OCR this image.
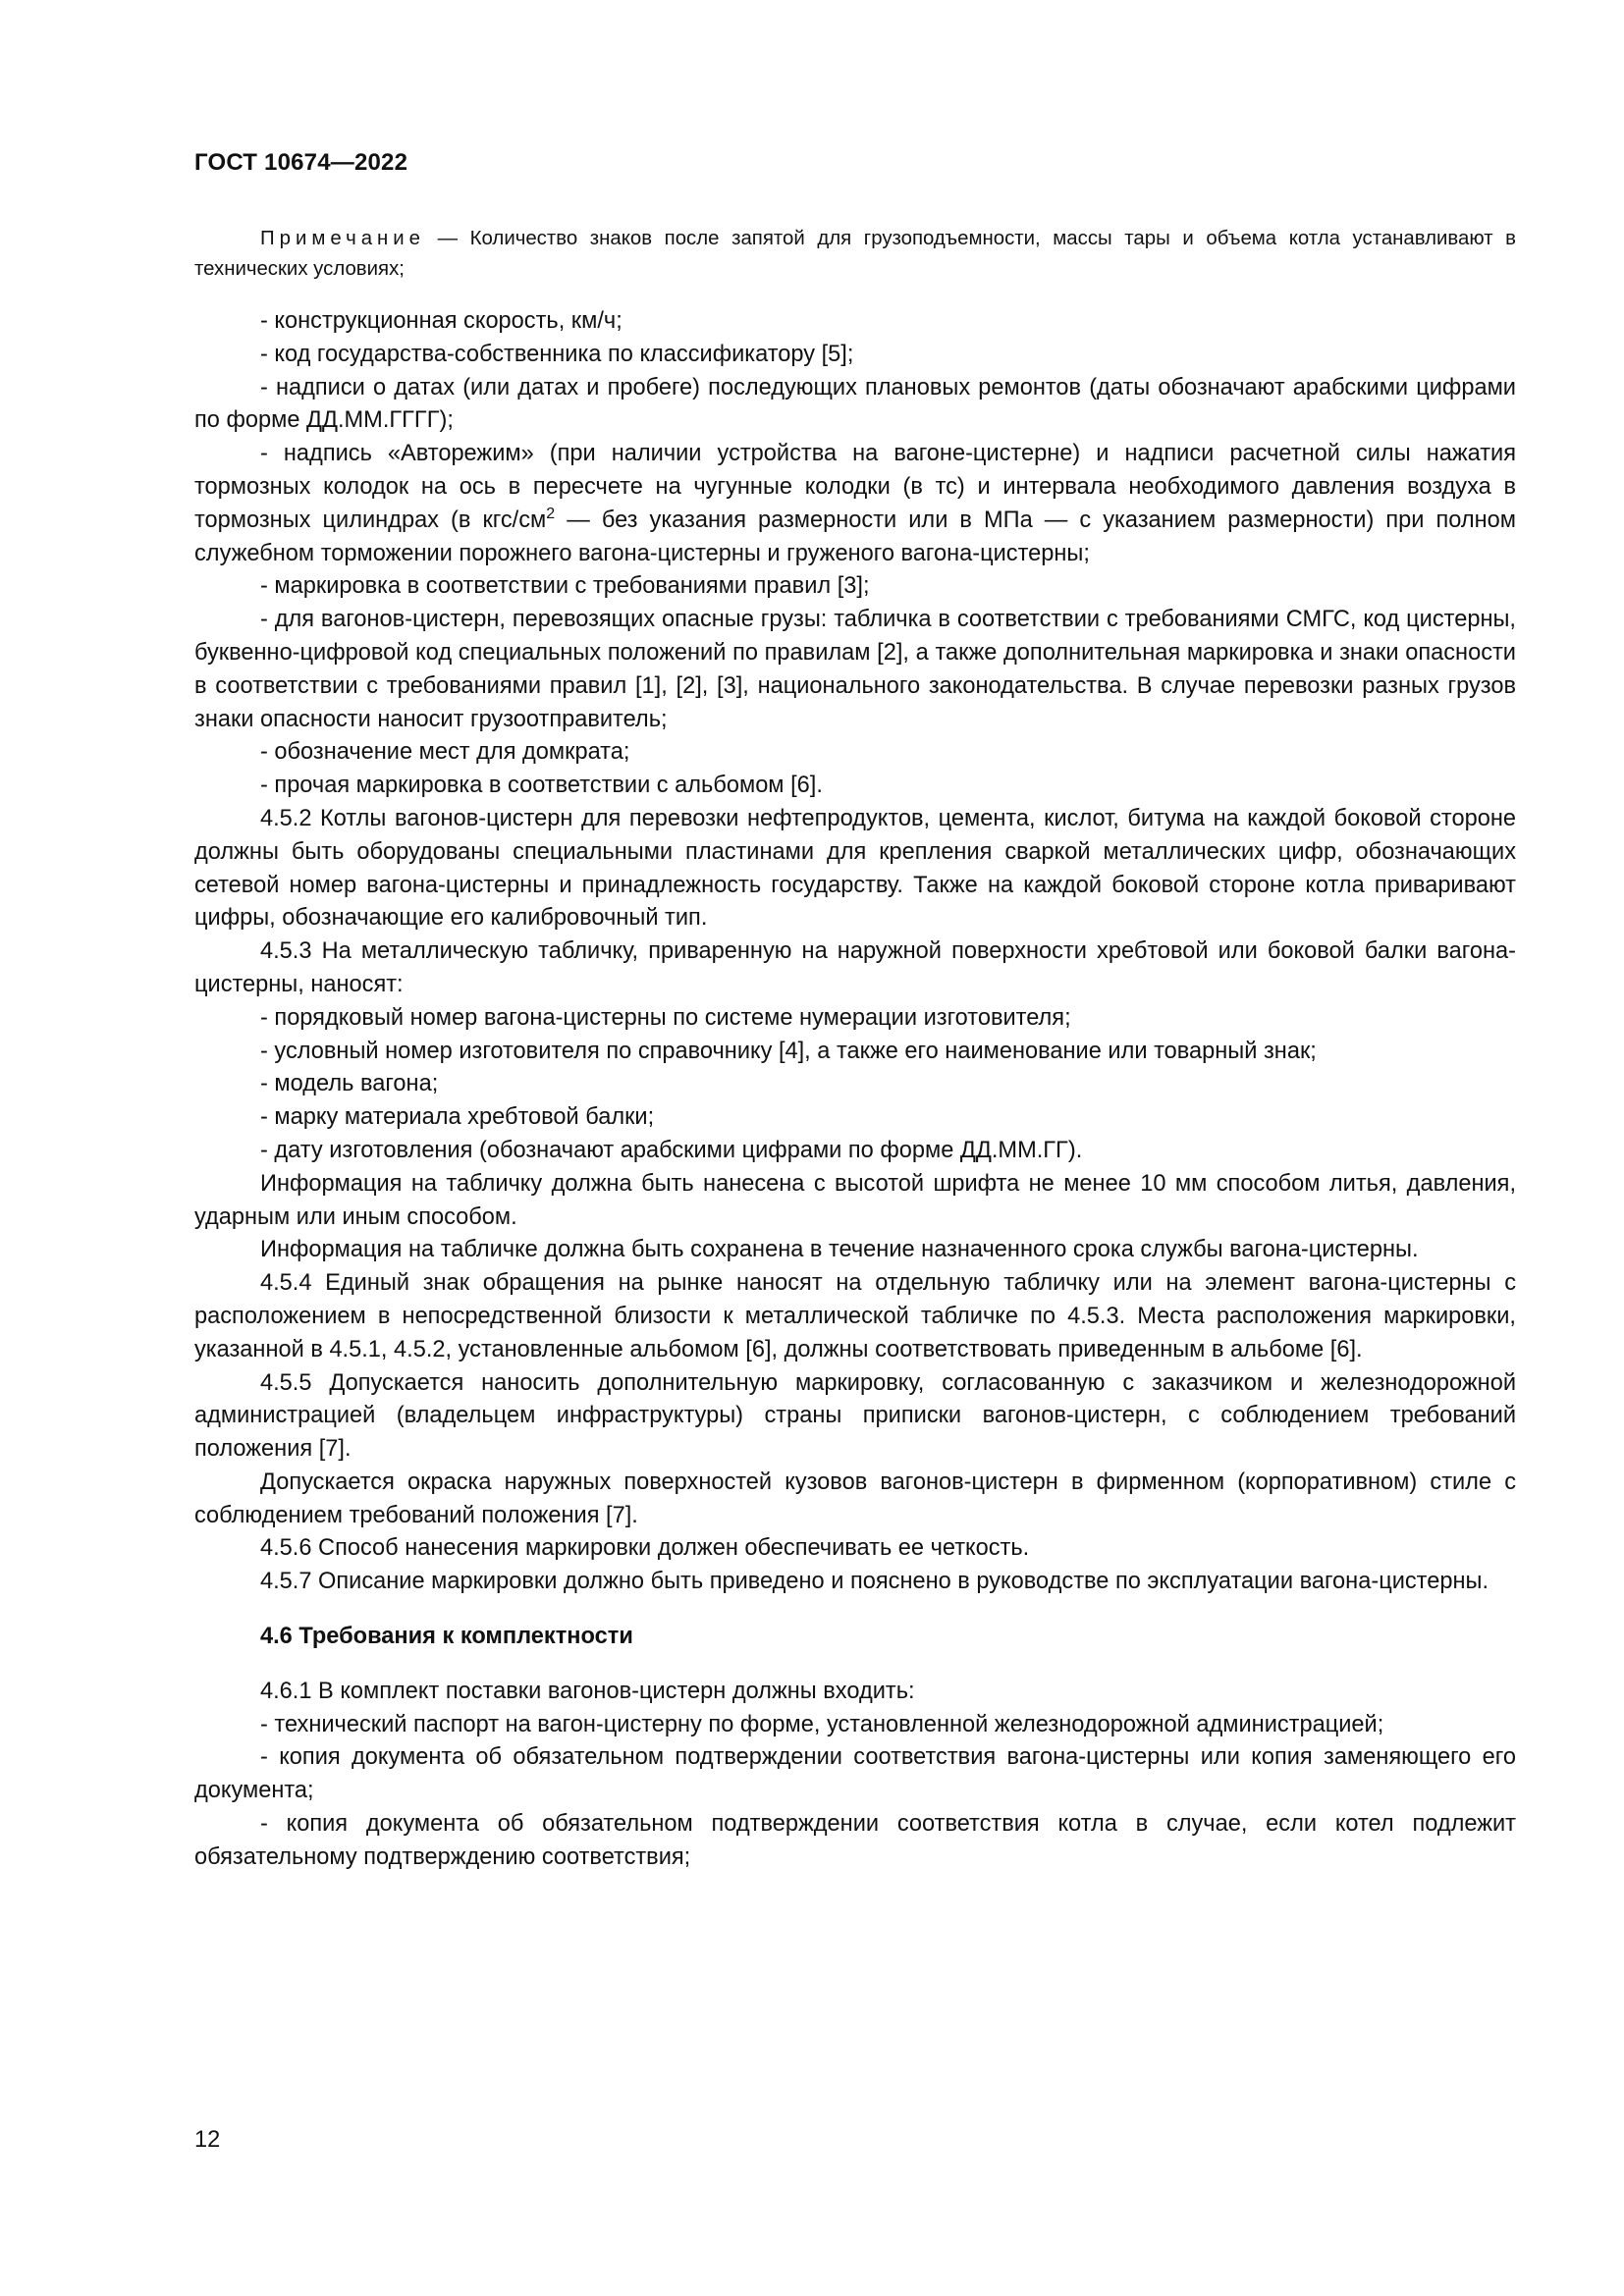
ГОСТ 10674—2022

Примечание — Количество знаков после запятой для грузоподъемности, массы тары и объема котла устанавливают в технических условиях;

- конструкционная скорость, км/ч;

- код государства-собственника по классификатору [5];

- надписи о датах (или датах и пробеге) последующих плановых ремонтов (даты обозначают арабскими цифрами по форме ДД.ММ.ГГГГ);

- надпись «Авторежим» (при наличии устройства на вагоне-цистерне) и надписи расчетной силы нажатия тормозных колодок на ось в пересчете на чугунные колодки (в тс) и интервала необходимого давления воздуха в тормозных цилиндрах (в кгс/$см^2$ — без указания размерности или в МПа — с указанием размерности) при полном служебном торможении порожнего вагона-цистерны и груженого вагона-цистерны;

- маркировка в соответствии с требованиями правил [3];

- для вагонов-цистерн, перевозящих опасные грузы: табличка в соответствии с требованиями СМГС, код цистерны, буквенно-цифровой код специальных положений по правилам [2], а также дополнительная маркировка и знаки опасности в соответствии с требованиями правил [1], [2], [3], национального законодательства. В случае перевозки разных грузов знаки опасности наносит грузоотправитель;

- обозначение мест для домкрата;

- прочая маркировка в соответствии с альбомом [6].

4.5.2 Котлы вагонов-цистерн для перевозки нефтепродуктов, цемента, кислот, битума на каждой боковой стороне должны быть оборудованы специальными пластинами для крепления сваркой металлических цифр, обозначающих сетевой номер вагона-цистерны и принадлежность государству. Также на каждой боковой стороне котла приваривают цифры, обозначающие его калибровочный тип.

4.5.3 На металлическую табличку, приваренную на наружной поверхности хребтовой или боковой балки вагона-цистерны, наносят:

- порядковый номер вагона-цистерны по системе нумерации изготовителя;

- условный номер изготовителя по справочнику [4], а также его наименование или товарный знак;

- модель вагона;

- марку материала хребтовой балки;

- дату изготовления (обозначают арабскими цифрами по форме ДД.ММ.ГГ).

Информация на табличку должна быть нанесена с высотой шрифта не менее 10 мм способом литья, давления, ударным или иным способом.

Информация на табличке должна быть сохранена в течение назначенного срока службы вагона-цистерны.

4.5.4 Единый знак обращения на рынке наносят на отдельную табличку или на элемент вагона-цистерны с расположением в непосредственной близости к металлической табличке по 4.5.3. Места расположения маркировки, указанной в 4.5.1, 4.5.2, установленные альбомом [6], должны соответствовать приведенным в альбоме [6].

4.5.5 Допускается наносить дополнительную маркировку, согласованную с заказчиком и железнодорожной администрацией (владельцем инфраструктуры) страны приписки вагонов-цистерн, с соблюдением требований положения [7].

Допускается окраска наружных поверхностей кузовов вагонов-цистерн в фирменном (корпоративном) стиле с соблюдением требований положения [7].

4.5.6 Способ нанесения маркировки должен обеспечивать ее четкость.

4.5.7 Описание маркировки должно быть приведено и пояснено в руководстве по эксплуатации вагона-цистерны.

4.6 Требования к комплектности

4.6.1 В комплект поставки вагонов-цистерн должны входить:

- технический паспорт на вагон-цистерну по форме, установленной железнодорожной администрацией;

- копия документа об обязательном подтверждении соответствия вагона-цистерны или копия заменяющего его документа;

- копия документа об обязательном подтверждении соответствия котла в случае, если котел подлежит обязательному подтверждению соответствия;

12
